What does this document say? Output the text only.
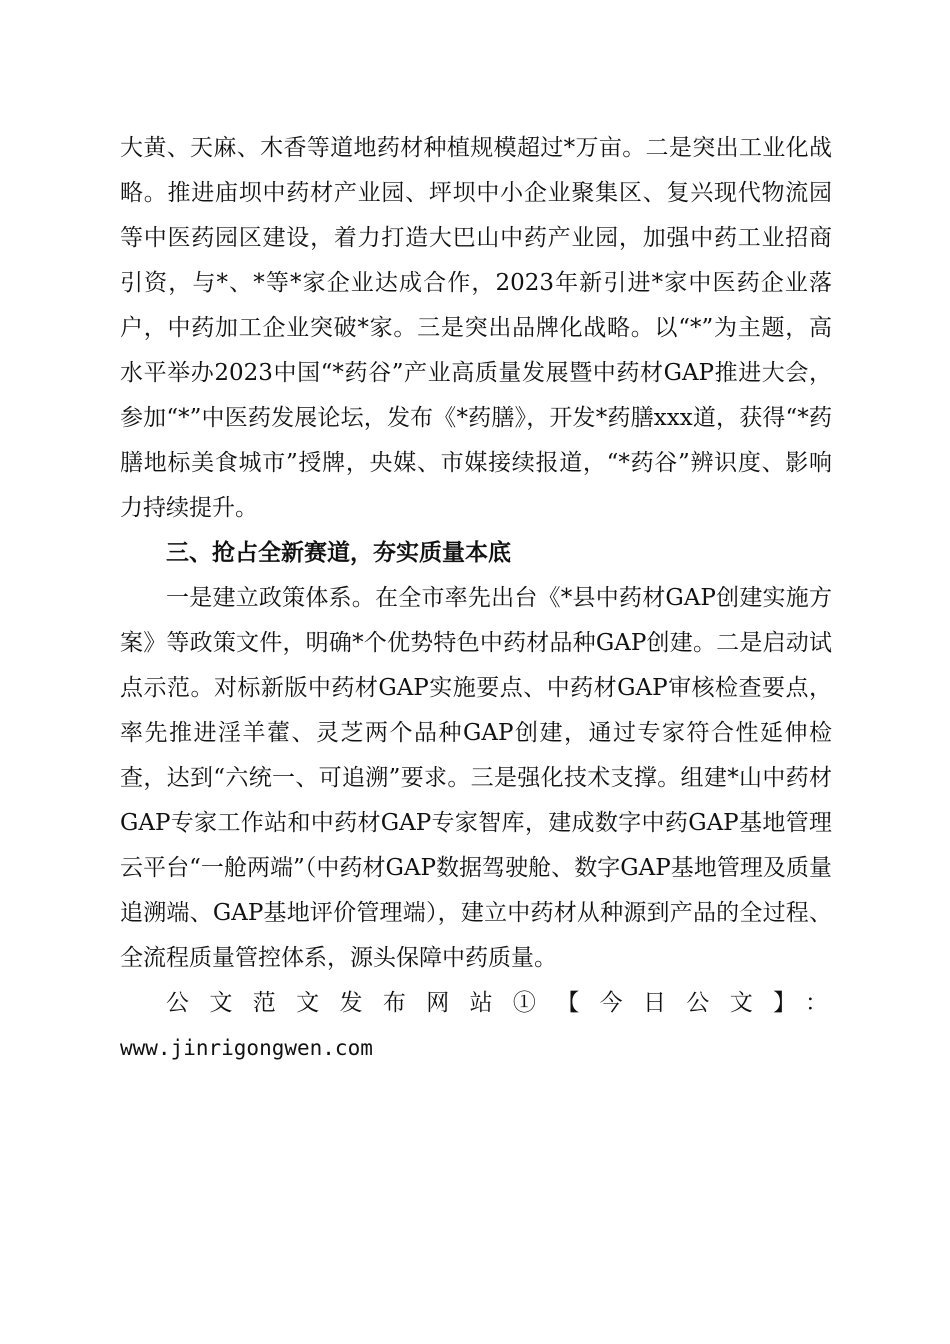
大黄、天麻、木香等道地药材种植规模超过*万亩。二是突出工业化战略。推进庙坝中药材产业园、坪坝中小企业聚集区、复兴现代物流园等中医药园区建设，着力打造大巴山中药产业园，加强中药工业招商引资，与*、*等*家企业达成合作，2023年新引进*家中医药企业落户，中药加工企业突破*家。三是突出品牌化战略。以“*”为主题，高水平举办2023中国“*药谷”产业高质量发展暨中药材GAP推进大会，参加“*”中医药发展论坛，发布《*药膳》，开发*药膳xxx道，获得“*药膳地标美食城市”授牌，央媒、市媒接续报道，“*药谷”辨识度、影响力持续提升。

三、抢占全新赛道，夯实质量本底

一是建立政策体系。在全市率先出台《*县中药材GAP创建实施方案》等政策文件，明确*个优势特色中药材品种GAP创建。二是启动试点示范。对标新版中药材GAP实施要点、中药材GAP审核检查要点，率先推进淫羊藿、灵芝两个品种GAP创建，通过专家符合性延伸检查，达到“六统一、可追溯”要求。三是强化技术支撑。组建*山中药材GAP专家工作站和中药材GAP专家智库，建成数字中药GAP基地管理云平台“一舱两端”（中药材GAP数据驾驶舱、数字GAP基地管理及质量追溯端、GAP基地评价管理端），建立中药材从种源到产品的全过程、全流程质量管控体系，源头保障中药质量。

公文范文发布网站①【今日公文】：

www.jinrigongwen.com
